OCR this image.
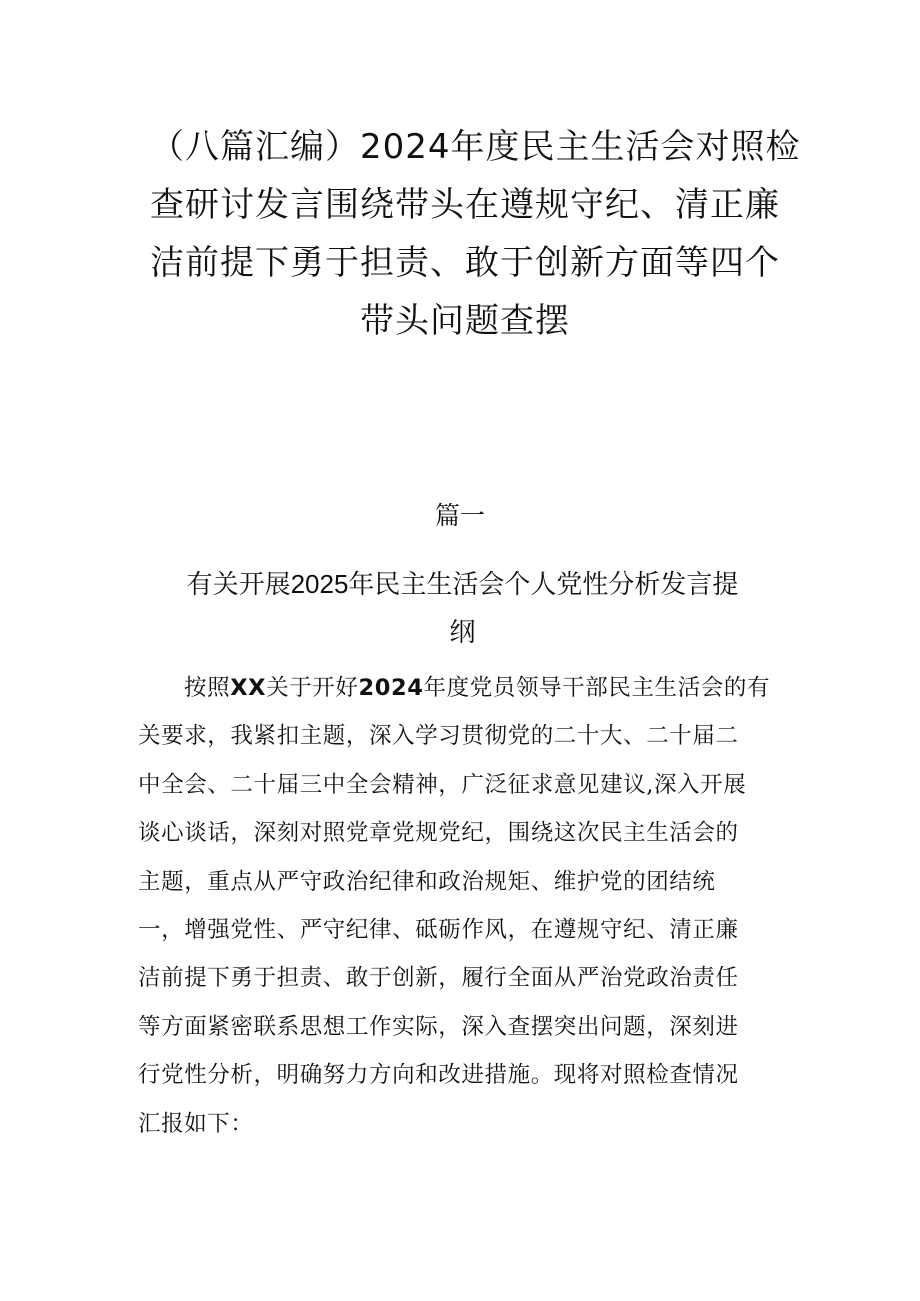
（八篇汇编）2024年度民主生活会对照检
查研讨发言围绕带头在遵规守纪、清正廉
洁前提下勇于担责、敢于创新方面等四个
带头问题查摆
篇一
有关开展2025年民主生活会个人党性分析发言提
纲
按照XX关于开好2024年度党员领导干部民主生活会的有
关要求，我紧扣主题，深入学习贯彻党的二十大、二十届二
中全会、二十届三中全会精神，广泛征求意见建议,深入开展
谈心谈话，深刻对照党章党规党纪，围绕这次民主生活会的
主题，重点从严守政治纪律和政治规矩、维护党的团结统
一，增强党性、严守纪律、砥砺作风，在遵规守纪、清正廉
洁前提下勇于担责、敢于创新，履行全面从严治党政治责任
等方面紧密联系思想工作实际，深入查摆突出问题，深刻进
行党性分析，明确努力方向和改进措施。现将对照检查情况
汇报如下：
